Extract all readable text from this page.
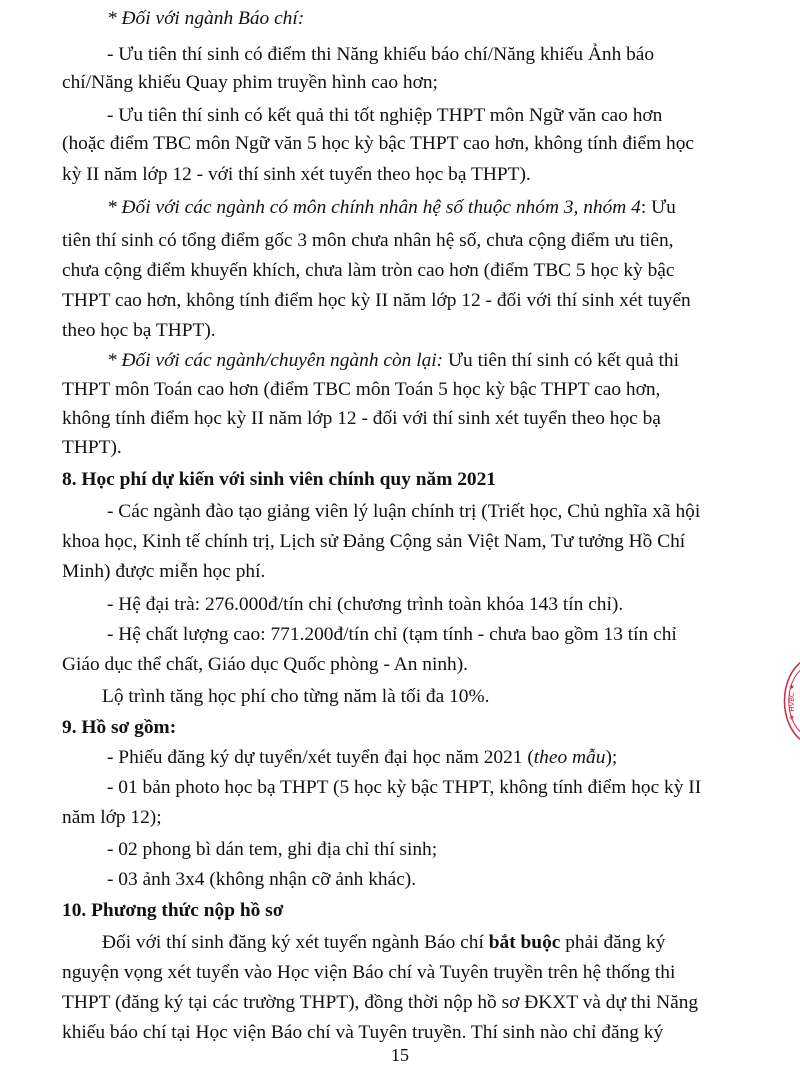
* Đối với ngành Báo chí:
- Ưu tiên thí sinh có điểm thi Năng khiếu báo chí/Năng khiếu Ảnh báo
chí/Năng khiếu Quay phim truyền hình cao hơn;
- Ưu tiên thí sinh có kết quả thi tốt nghiệp THPT môn Ngữ văn cao hơn
(hoặc điểm TBC môn Ngữ văn 5 học kỳ bậc THPT cao hơn, không tính điểm học
kỳ II năm lớp 12 - với thí sinh xét tuyển theo học bạ THPT).
* Đối với các ngành có môn chính nhân hệ số thuộc nhóm 3, nhóm 4: Ưu
tiên thí sinh có tổng điểm gốc 3 môn chưa nhân hệ số, chưa cộng điểm ưu tiên,
chưa cộng điểm khuyến khích, chưa làm tròn cao hơn (điểm TBC 5 học kỳ bậc
THPT cao hơn, không tính điểm học kỳ II năm lớp 12 - đối với thí sinh xét tuyển
theo học bạ THPT).
* Đối với các ngành/chuyên ngành còn lại: Ưu tiên thí sinh có kết quả thi
THPT môn Toán cao hơn (điểm TBC môn Toán 5 học kỳ bậc THPT cao hơn,
không tính điểm học kỳ II năm lớp 12 - đối với thí sinh xét tuyển theo học bạ
THPT).
8. Học phí dự kiến với sinh viên chính quy năm 2021
- Các ngành đào tạo giảng viên lý luận chính trị (Triết học, Chủ nghĩa xã hội
khoa học, Kinh tế chính trị, Lịch sử Đảng Cộng sản Việt Nam, Tư tưởng Hồ Chí
Minh) được miễn học phí.
- Hệ đại trà: 276.000đ/tín chỉ (chương trình toàn khóa 143 tín chỉ).
- Hệ chất lượng cao: 771.200đ/tín chỉ (tạm tính - chưa bao gồm 13 tín chỉ
Giáo dục thể chất, Giáo dục Quốc phòng - An ninh).
Lộ trình tăng học phí cho từng năm là tối đa 10%.
9. Hồ sơ gồm:
- Phiếu đăng ký dự tuyển/xét tuyển đại học năm 2021 (theo mẫu);
- 01 bản photo học bạ THPT (5 học kỳ bậc THPT, không tính điểm học kỳ II
năm lớp 12);
- 02 phong bì dán tem, ghi địa chỉ thí sinh;
- 03 ảnh 3x4 (không nhận cỡ ảnh khác).
10. Phương thức nộp hồ sơ
Đối với thí sinh đăng ký xét tuyển ngành Báo chí bắt buộc phải đăng ký
nguyện vọng xét tuyển vào Học viện Báo chí và Tuyên truyền trên hệ thống thi
THPT (đăng ký tại các trường THPT), đồng thời nộp hồ sơ ĐKXT và dự thi Năng
khiếu báo chí tại Học viện Báo chí và Tuyên truyền. Thí sinh nào chỉ đăng ký
15
★ HVBC ★
